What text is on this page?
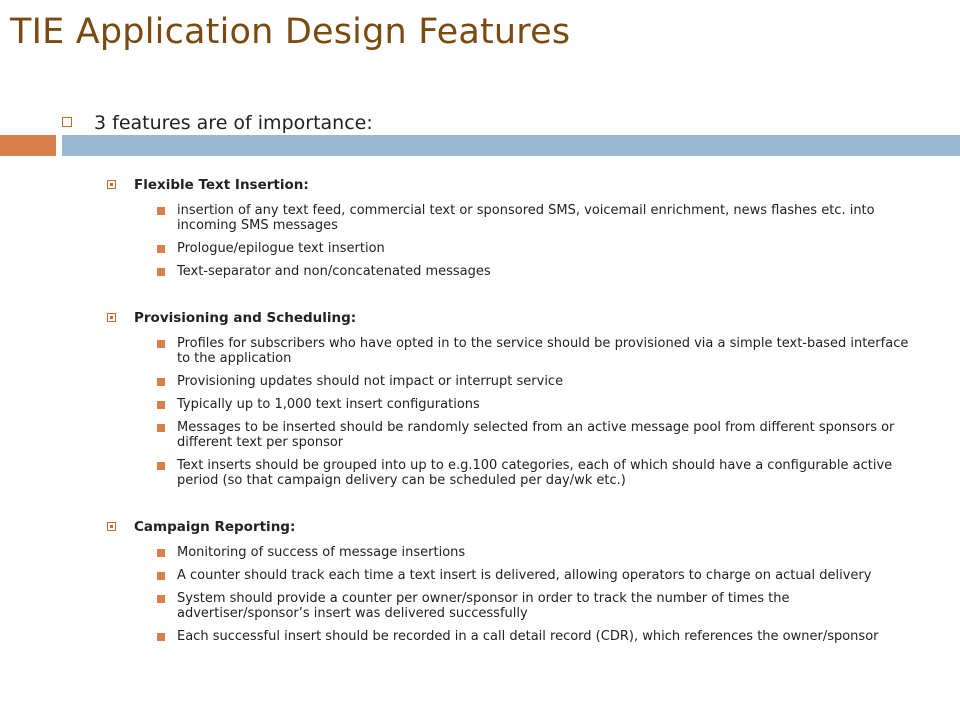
TIE Application Design Features
3 features are of importance:
Flexible Text Insertion:
insertion of any text feed, commercial text or sponsored SMS, voicemail enrichment, news flashes etc. into incoming SMS messages
Prologue/epilogue text insertion
Text-separator and non/concatenated messages
Provisioning and Scheduling:
Profiles for subscribers who have opted in to the service should be provisioned via a simple text-based interface to the application
Provisioning updates should not impact or interrupt service
Typically up to 1,000 text insert configurations
Messages to be inserted should be randomly selected from an active message pool from different sponsors or different text per sponsor
Text inserts should be grouped into up to e.g.100 categories, each of which should have a configurable active period (so that campaign delivery can be scheduled per day/wk etc.)
Campaign Reporting:
Monitoring of success of message insertions
A counter should track each time a text insert is delivered, allowing operators to charge on actual delivery
System should provide a counter per owner/sponsor in order to track the number of times the advertiser/sponsor’s insert was delivered successfully
Each successful insert should be recorded in a call detail record (CDR), which references the owner/sponsor
